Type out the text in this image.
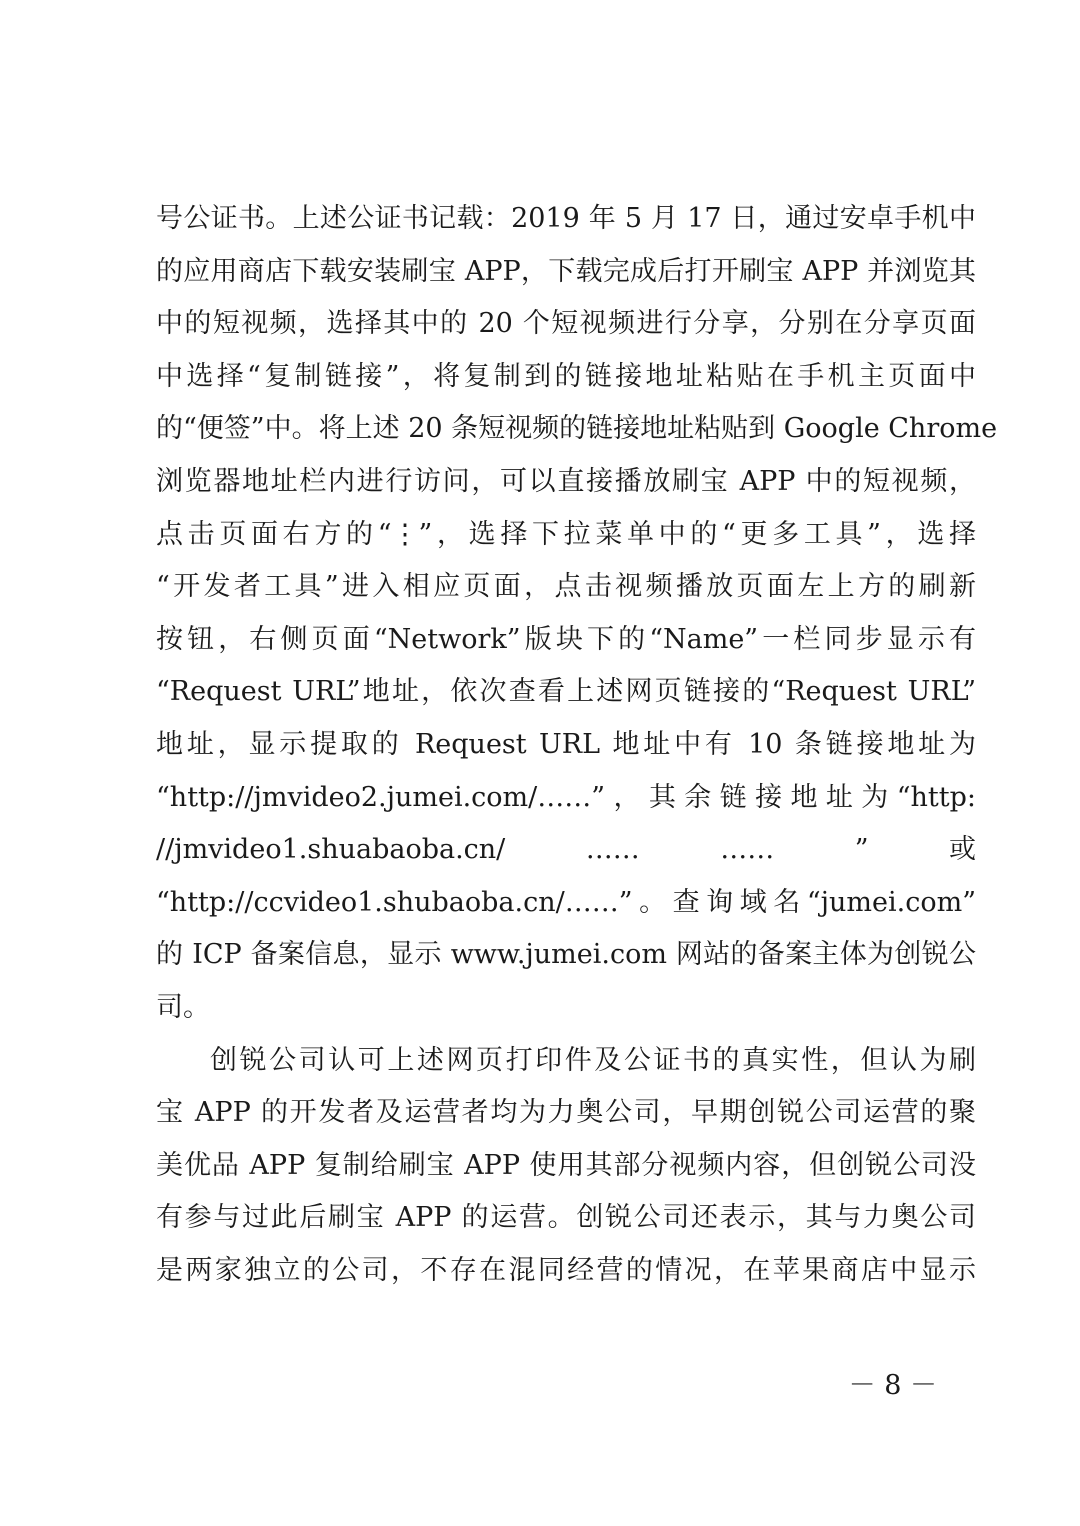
号公证书。上述公证书记载：2019 年 5 月 17 日，通过安卓手机中
的应用商店下载安装刷宝 APP，下载完成后打开刷宝 APP 并浏览其
中的短视频，选择其中的 20 个短视频进行分享，分别在分享页面
中选择“复制链接”，将复制到的链接地址粘贴在手机主页面中
的“便签”中。将上述 20 条短视频的链接地址粘贴到 Google Chrome
浏览器地址栏内进行访问，可以直接播放刷宝 APP 中的短视频，
点击页面右方的“⋮”，选择下拉菜单中的“更多工具”，选择
“开发者工具”进入相应页面，点击视频播放页面左上方的刷新
按钮，右侧页面“Network”版块下的“Name”一栏同步显示有
“Request URL”地址，依次查看上述网页链接的“Request URL”
地址，显示提取的 Request URL 地址中有 10 条链接地址为
“http://jmvideo2.jumei.com/……”，其余链接地址为“http:
//jmvideo1.shuabaoba.cn/　　……　　……　　”　　或
“http://ccvideo1.shubaoba.cn/……”。查询域名“jumei.com”
的 ICP 备案信息，显示 www.jumei.com 网站的备案主体为创锐公
司。
创锐公司认可上述网页打印件及公证书的真实性，但认为刷
宝 APP 的开发者及运营者均为力奥公司，早期创锐公司运营的聚
美优品 APP 复制给刷宝 APP 使用其部分视频内容，但创锐公司没
有参与过此后刷宝 APP 的运营。创锐公司还表示，其与力奥公司
是两家独立的公司，不存在混同经营的情况，在苹果商店中显示
－ 8 －
